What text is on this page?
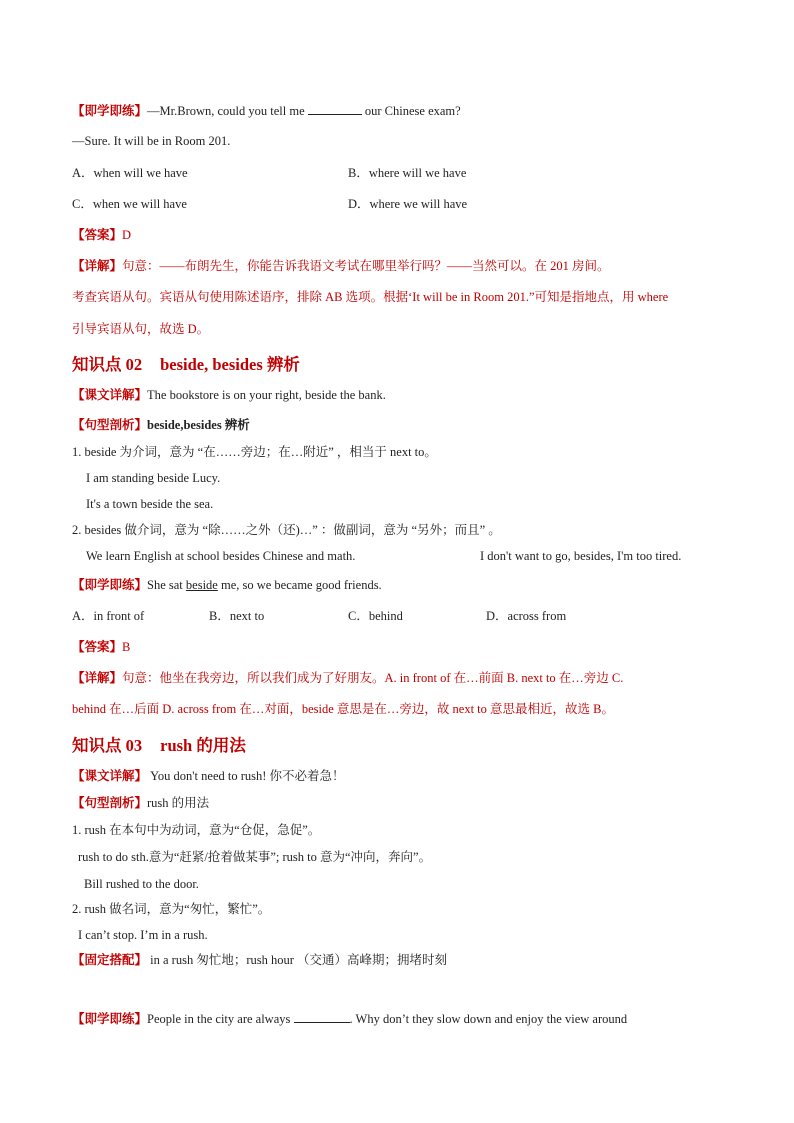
【即学即练】—Mr.Brown, could you tell me	our Chinese exam?
—Sure. It will be in Room 201.
A．when will we have	B．where will we have
C．when we will have	D．where we will have
【答案】D
【详解】句意：——布朗先生，你能告诉我语文考试在哪里举行吗？——当然可以。在 201 房间。
考查宾语从句。宾语从句使用陈述语序，排除 AB 选项。根据‘It will be in Room 201.”可知是指地点，用 where
引导宾语从句，故选 D。
知识点 02 beside, besides 辨析
【课文详解】The bookstore is on your right, beside the bank.
【句型剖析】beside,besides 辨析
1. beside 为介词，意为 “在……旁边；在…附近” ，相当于 next to。
I am standing beside Lucy.
It's a town beside the sea.
2. besides 做介词，意为 “除……之外（还)…” ：做副词，意为 “另外；而且” 。
We learn English at school besides Chinese and math.	I don't want to go, besides, I'm too tired.
【即学即练】She sat beside me, so we became good friends.
A．in front of	B．next to	C．behind	D．across from
【答案】B
【详解】句意：他坐在我旁边，所以我们成为了好朋友。A. in front of 在…前面 B. next to 在…旁边 C.
behind 在…后面 D. across from 在…对面，beside 意思是在…旁边，故 next to 意思最相近，故选 B。
知识点 03 rush 的用法
【课文详解】 You don't need to rush! 你不必着急！
【句型剖析】rush 的用法
1. rush 在本句中为动词，意为“仓促，急促”。
rush to do sth.意为“赶紧/抢着做某事”; rush to 意为“冲向，奔向”。
Bill rushed to the door.
2. rush 做名词，意为“匆忙，繁忙”。
I can’t stop. I’m in a rush.
【固定搭配】 in a rush 匆忙地；rush hour （交通）高峰期；拥堵时刻
【即学即练】People in the city are always	. Why don’t they slow down and enjoy the view around
